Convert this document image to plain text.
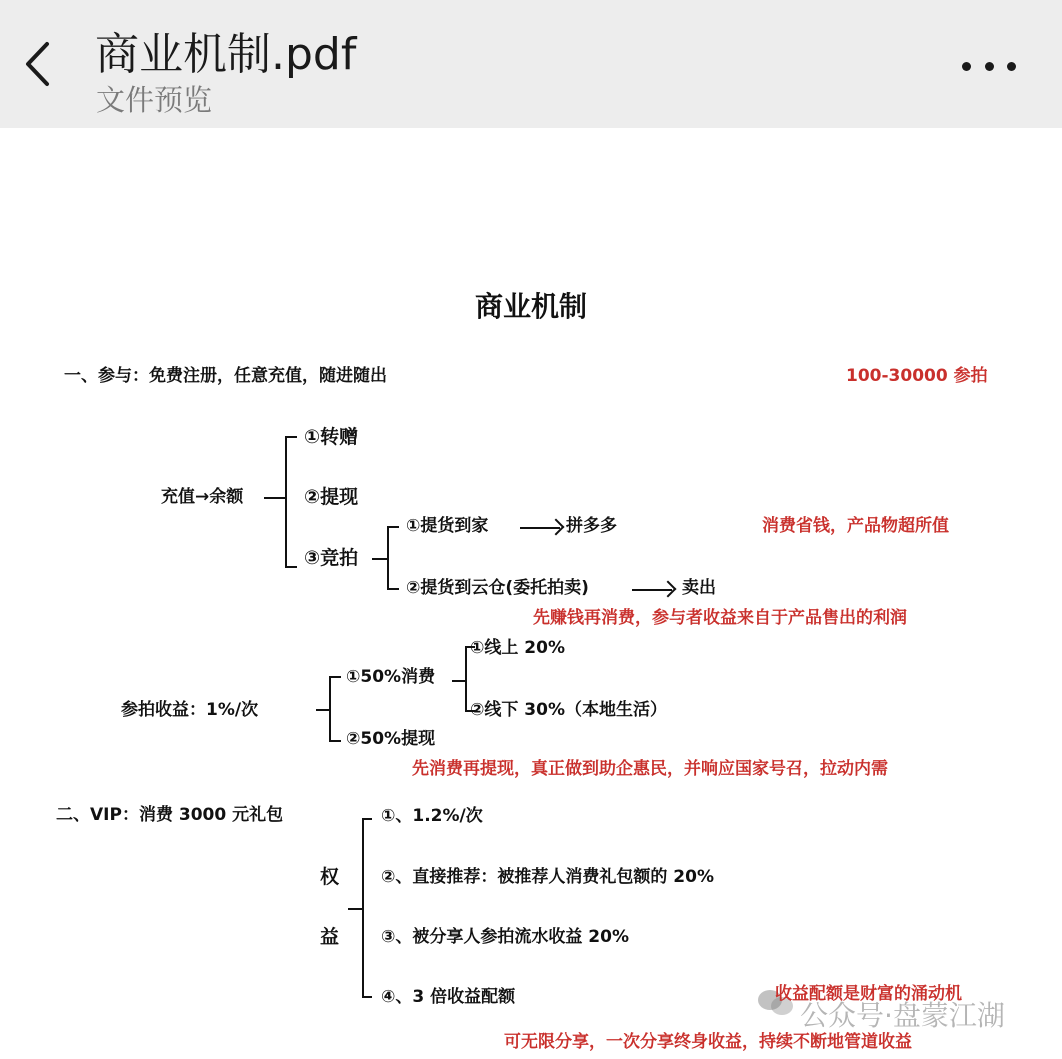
商业机制.pdf
文件预览
商业机制
一、参与：免费注册，任意充值，随进随出	100-30000 参拍
充值→余额
①转赠
②提现
③竞拍
①提货到家	拼多多	消费省钱，产品物超所值
②提货到云仓(委托拍卖)	卖出
先赚钱再消费，参与者收益来自于产品售出的利润
参拍收益：1%/次
①50%消费
②50%提现
①线上 20%
②线下 30%（本地生活）
先消费再提现，真正做到助企惠民，并响应国家号召，拉动内需
二、VIP：消费 3000 元礼包
权
益
①、1.2%/次
②、直接推荐：被推荐人消费礼包额的 20%
③、被分享人参拍流水收益 20%
④、3 倍收益配额
公众号·盘蒙江湖
收益配额是财富的涌动机
可无限分享，一次分享终身收益，持续不断地管道收益
